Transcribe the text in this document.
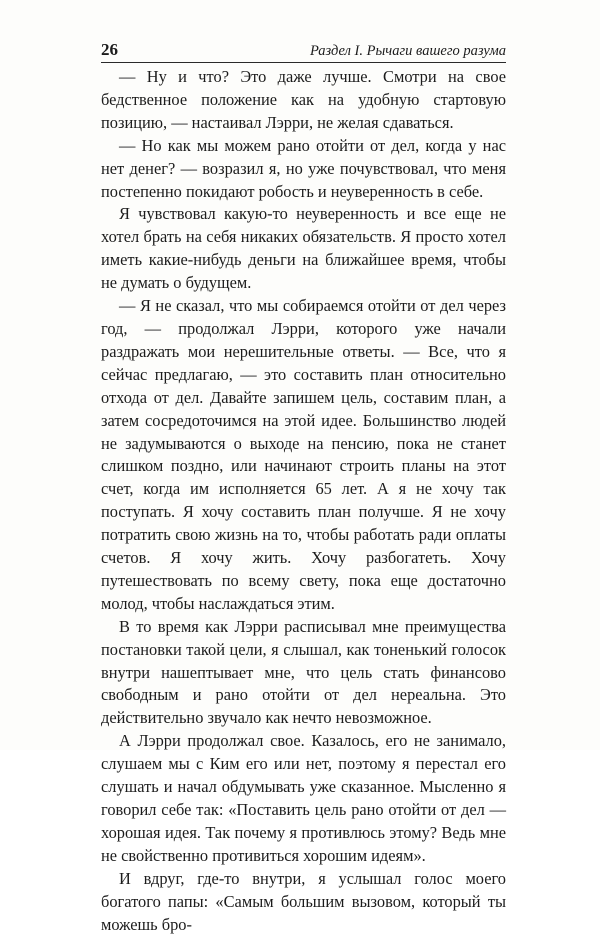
26	Раздел I. Рычаги вашего разума

— Ну и что? Это даже лучше. Смотри на свое бедственное положение как на удобную стартовую позицию, — настаивал Лэрри, не желая сдаваться.

— Но как мы можем рано отойти от дел, когда у нас нет денег? — возразил я, но уже почувствовал, что меня постепенно покидают робость и неуверенность в себе.

Я чувствовал какую-то неуверенность и все еще не хотел брать на себя никаких обязательств. Я просто хотел иметь какие-нибудь деньги на ближайшее время, чтобы не думать о будущем.

— Я не сказал, что мы собираемся отойти от дел через год, — продолжал Лэрри, которого уже начали раздражать мои нерешительные ответы. — Все, что я сейчас предлагаю, — это составить план относительно отхода от дел. Давайте запишем цель, составим план, а затем сосредоточимся на этой идее. Большинство людей не задумываются о выходе на пенсию, пока не станет слишком поздно, или начинают строить планы на этот счет, когда им исполняется 65 лет. А я не хочу так поступать. Я хочу составить план получше. Я не хочу потратить свою жизнь на то, чтобы работать ради оплаты счетов. Я хочу жить. Хочу разбогатеть. Хочу путешествовать по всему свету, пока еще достаточно молод, чтобы наслаждаться этим.

В то время как Лэрри расписывал мне преимущества постановки такой цели, я слышал, как тоненький голосок внутри нашептывает мне, что цель стать финансово свободным и рано отойти от дел нереальна. Это действительно звучало как нечто невозможное.

А Лэрри продолжал свое. Казалось, его не занимало, слушаем мы с Ким его или нет, поэтому я перестал его слушать и начал обдумывать уже сказанное. Мысленно я говорил себе так: «Поставить цель рано отойти от дел — хорошая идея. Так почему я противлюсь этому? Ведь мне не свойственно противиться хорошим идеям».

И вдруг, где-то внутри, я услышал голос моего богатого папы: «Самым большим вызовом, который ты можешь бро-
